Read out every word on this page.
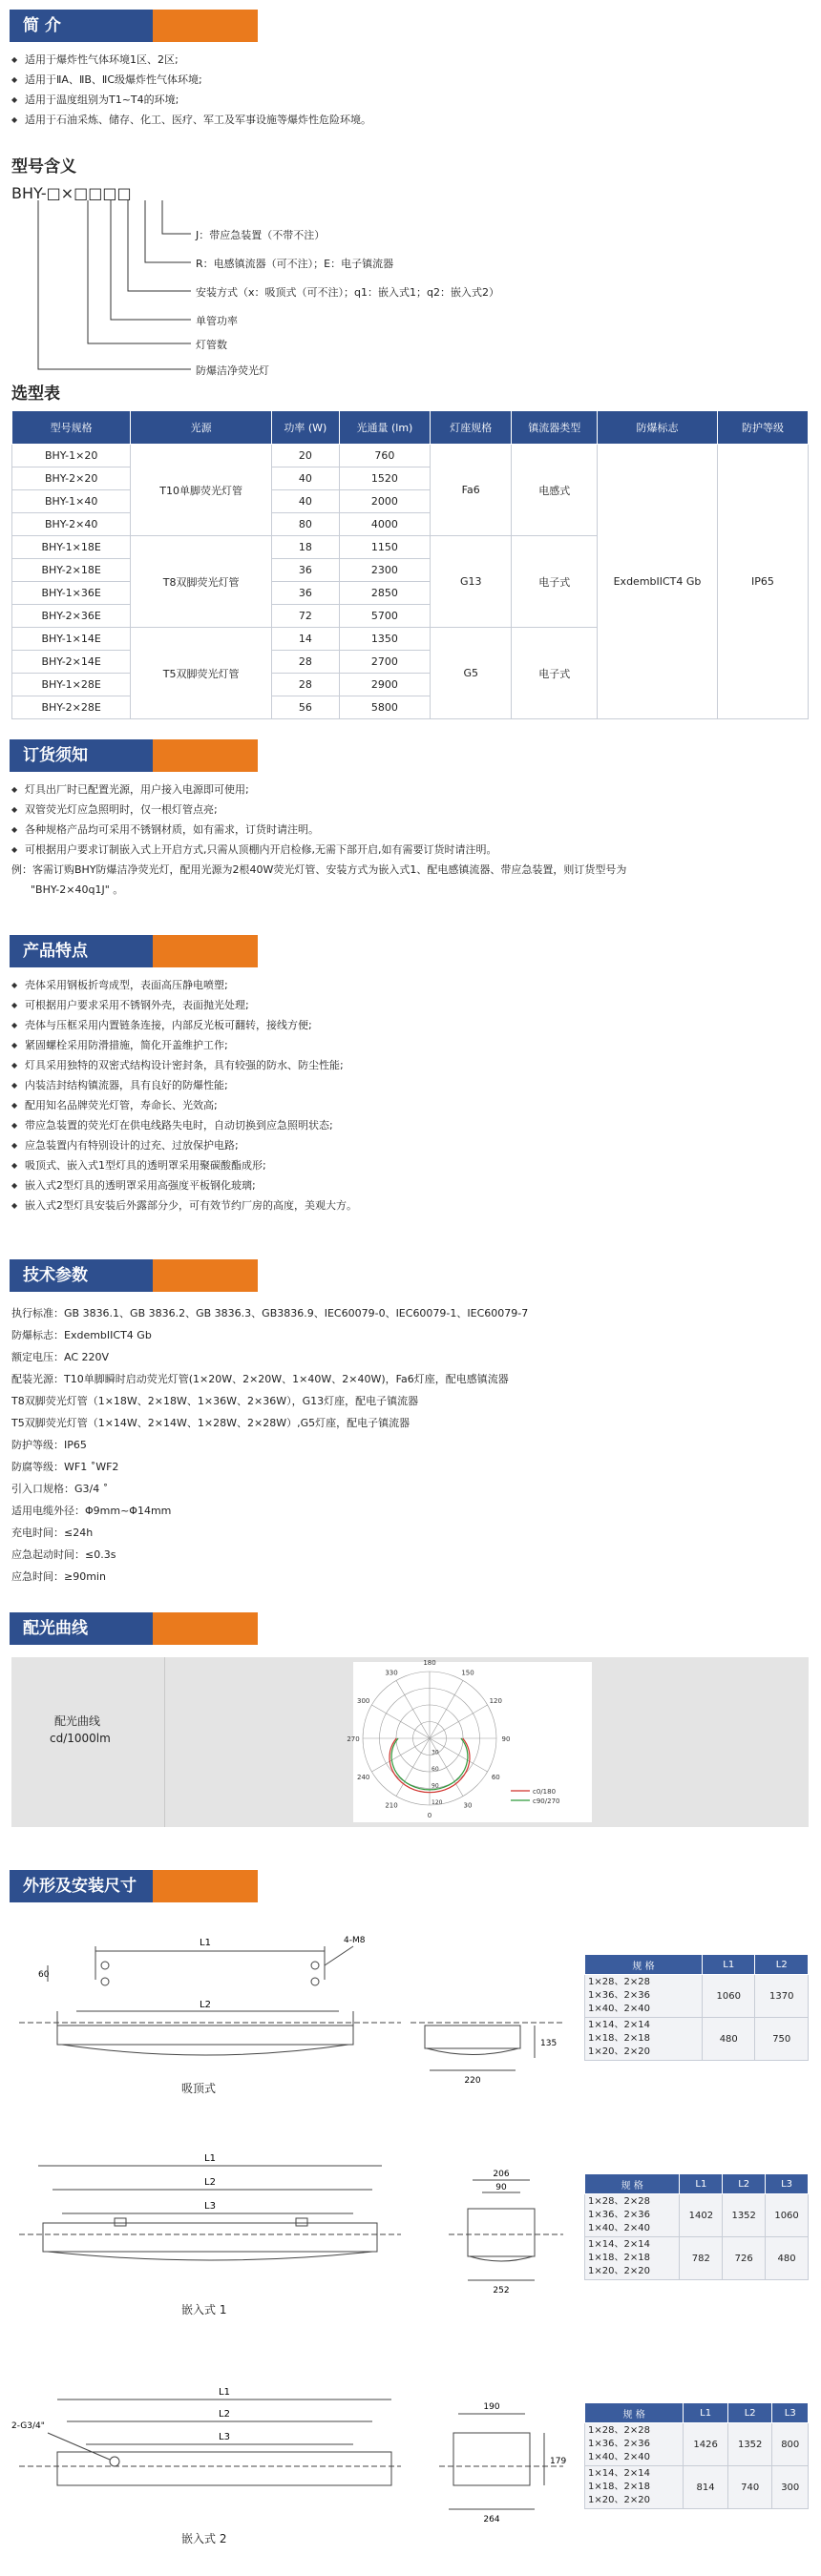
简 介
◆ 适用于爆炸性气体环境1区、2区;
◆ 适用于ⅡA、ⅡB、ⅡC级爆炸性气体环境;
◆ 适用于温度组别为T1~T4的环境;
◆ 适用于石油采炼、储存、化工、医疗、军工及军事设施等爆炸性危险环境。
型号含义
BHY-□×□□□□
J：带应急装置（不带不注）
R：电感镇流器（可不注）；E：电子镇流器
安装方式（x：吸顶式（可不注）；q1：嵌入式1；q2：嵌入式2）
单管功率
灯管数
防爆洁净荧光灯
选型表
型号规格	光源	功率 (W)	光通量 (lm)	灯座规格	镇流器类型	防爆标志	防护等级
BHY-1×20	T10单脚荧光灯管	20	760	Fa6	电感式	ExdembIICT4 Gb	IP65
BHY-2×20		40	1520				
BHY-1×40		40	2000				
BHY-2×40		80	4000				
BHY-1×18E	T8双脚荧光灯管	18	1150	G13	电子式		
BHY-2×18E		36	2300				
BHY-1×36E		36	2850				
BHY-2×36E		72	5700				
BHY-1×14E	T5双脚荧光灯管	14	1350	G5	电子式		
BHY-2×14E		28	2700				
BHY-1×28E		28	2900				
BHY-2×28E		56	5800				
订货须知
◆ 灯具出厂时已配置光源，用户接入电源即可使用;
◆ 双管荧光灯应急照明时，仅一根灯管点亮;
◆ 各种规格产品均可采用不锈钢材质，如有需求，订货时请注明。
◆ 可根据用户要求订制嵌入式上开启方式,只需从顶棚内开启检修,无需下部开启,如有需要订货时请注明。
例：客需订购BHY防爆洁净荧光灯，配用光源为2根40W荧光灯管、安装方式为嵌入式1、配电感镇流器、带应急装置，则订货型号为
"BHY-2×40q1J" 。
产品特点
◆ 壳体采用钢板折弯成型，表面高压静电喷塑;
◆ 可根据用户要求采用不锈钢外壳，表面抛光处理;
◆ 壳体与压框采用内置链条连接，内部反光板可翻转，接线方便;
◆ 紧固螺栓采用防滑措施，简化开盖维护工作;
◆ 灯具采用独特的双密式结构设计密封条，具有较强的防水、防尘性能;
◆ 内装洁封结构镇流器，具有良好的防爆性能;
◆ 配用知名品牌荧光灯管，寿命长、光效高;
◆ 带应急装置的荧光灯在供电线路失电时，自动切换到应急照明状态;
◆ 应急装置内有特别设计的过充、过放保护电路;
◆ 吸顶式、嵌入式1型灯具的透明罩采用聚碳酸酯成形;
◆ 嵌入式2型灯具的透明罩采用高强度平板钢化玻璃;
◆ 嵌入式2型灯具安装后外露部分少，可有效节约厂房的高度，美观大方。
技术参数
执行标准：GB 3836.1、GB 3836.2、GB 3836.3、GB3836.9、IEC60079-0、IEC60079-1、IEC60079-7
防爆标志：ExdembIICT4 Gb
额定电压：AC 220V
配装光源：T10单脚瞬时启动荧光灯管(1×20W、2×20W、1×40W、2×40W)，Fa6灯座，配电感镇流器
T8双脚荧光灯管（1×18W、2×18W、1×36W、2×36W），G13灯座，配电子镇流器
T5双脚荧光灯管（1×14W、2×14W、1×28W、2×28W）,G5灯座，配电子镇流器
防护等级：IP65
防腐等级：WF1 ˚WF2
引入口规格：G3/4 ˚
适用电缆外径：Φ9mm~Φ14mm
充电时间：≤24h
应急起动时间：≤0.3s
应急时间：≥90min
配光曲线
配光曲线
cd/1000lm
180
150
120
90
60
30
0
210
240
270
300
330
30
60
90
120
c0/180
c90/270
外形及安装尺寸
L1
L2
60
4-M8
220
135
吸顶式
规 格	L1	L2

1×28、2×28
1×36、2×36
1×40、2×40	1060	1370

1×14、2×14
1×18、2×18
1×20、2×20	480	750
L1
L2
L3
206
90
252
嵌入式 1
规 格	L1	L2	L3

1×28、2×28
1×36、2×36
1×40、2×40	1402	1352	1060

1×14、2×14
1×18、2×18
1×20、2×20	782	726	480
L1
L2
L3
2-G3/4"
190
264
179
嵌入式 2
规 格	L1	L2	L3

1×28、2×28
1×36、2×36
1×40、2×40	1426	1352	800

1×14、2×14
1×18、2×18
1×20、2×20	814	740	300
